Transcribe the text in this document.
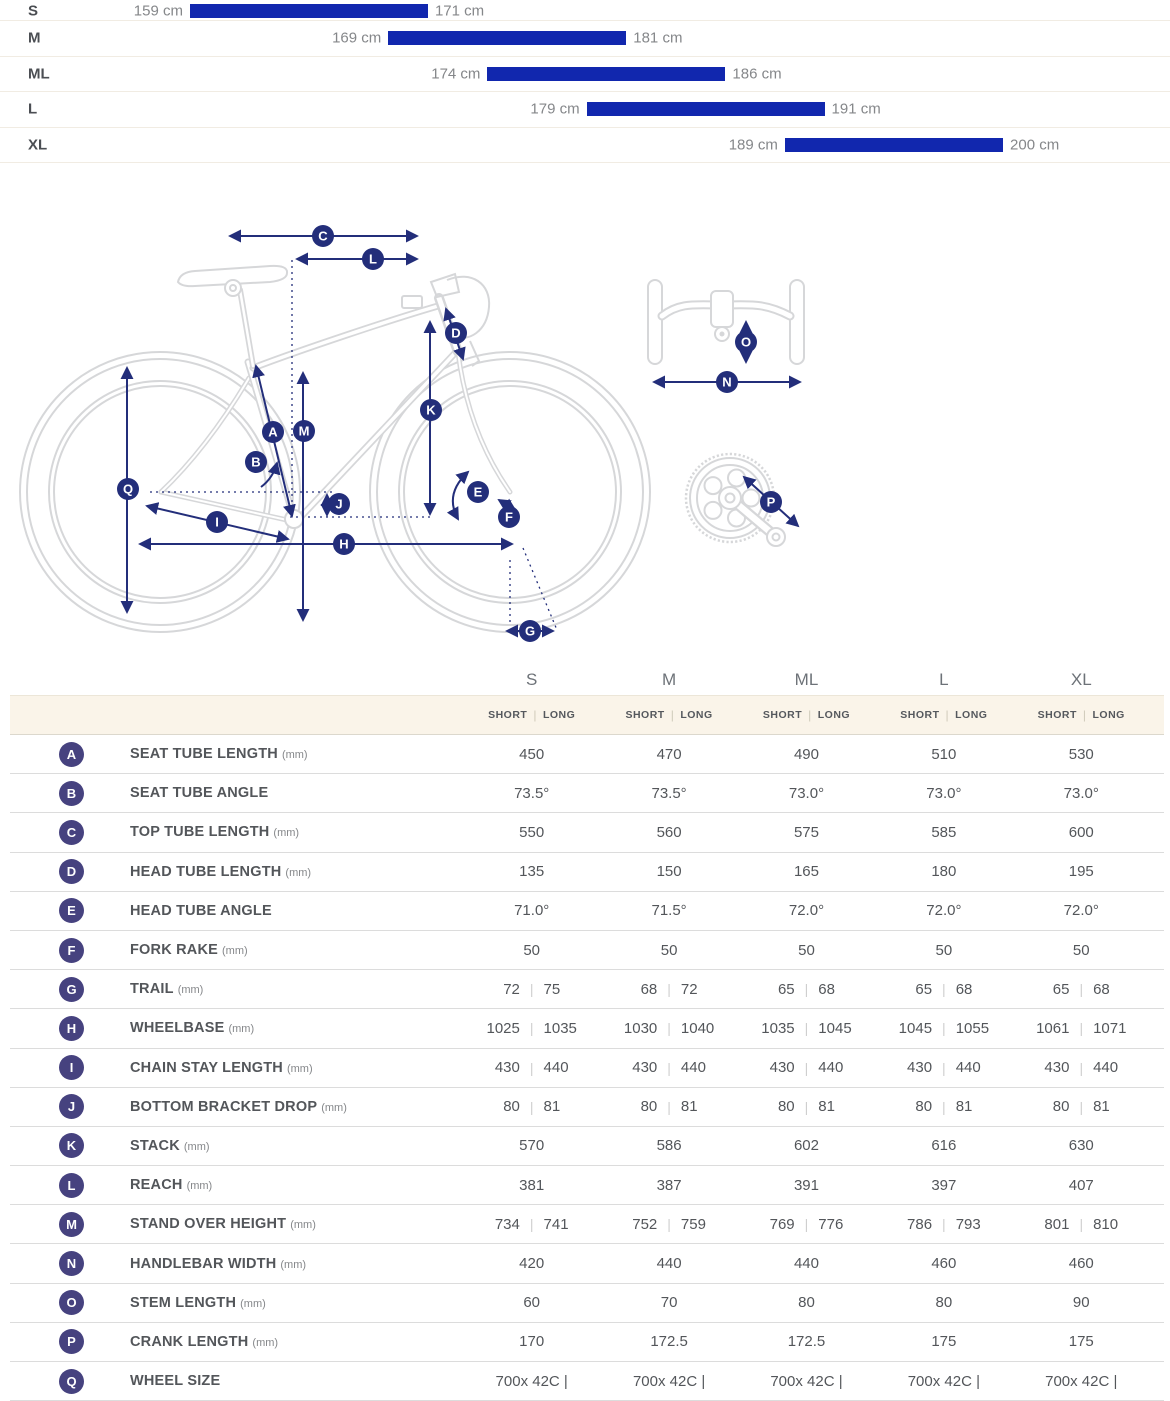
S	159 cm	171 cm
M	169 cm	181 cm
ML	174 cm	186 cm
L	179 cm	191 cm
XL	189 cm	200 cm
C
L
D
A M
B
Q
I
J
H
K
E
F
G
O
N
P
S	M	ML	L	XL
SHORT | LONG	SHORT | LONG	SHORT | LONG	SHORT | LONG	SHORT | LONG
A	SEAT TUBE LENGTH (mm)	450	470	490	510	530
B	SEAT TUBE ANGLE	73.5°	73.5°	73.0°	73.0°	73.0°
C	TOP TUBE LENGTH (mm)	550	560	575	585	600
D	HEAD TUBE LENGTH (mm)	135	150	165	180	195
E	HEAD TUBE ANGLE	71.0°	71.5°	72.0°	72.0°	72.0°
F	FORK RAKE (mm)	50	50	50	50	50
G	TRAIL (mm)	72 | 75	68 | 72	65 | 68	65 | 68	65 | 68
H	WHEELBASE (mm)	1025 | 1035	1030 | 1040	1035 | 1045	1045 | 1055	1061 | 1071
I	CHAIN STAY LENGTH (mm)	430 | 440	430 | 440	430 | 440	430 | 440	430 | 440
J	BOTTOM BRACKET DROP (mm)	80 | 81	80 | 81	80 | 81	80 | 81	80 | 81
K	STACK (mm)	570	586	602	616	630
L	REACH (mm)	381	387	391	397	407
M	STAND OVER HEIGHT (mm)	734 | 741	752 | 759	769 | 776	786 | 793	801 | 810
N	HANDLEBAR WIDTH (mm)	420	440	440	460	460
O	STEM LENGTH (mm)	60	70	80	80	90
P	CRANK LENGTH (mm)	170	172.5	172.5	175	175
Q	WHEEL SIZE	700x 42C |	700x 42C |	700x 42C |	700x 42C |	700x 42C |
